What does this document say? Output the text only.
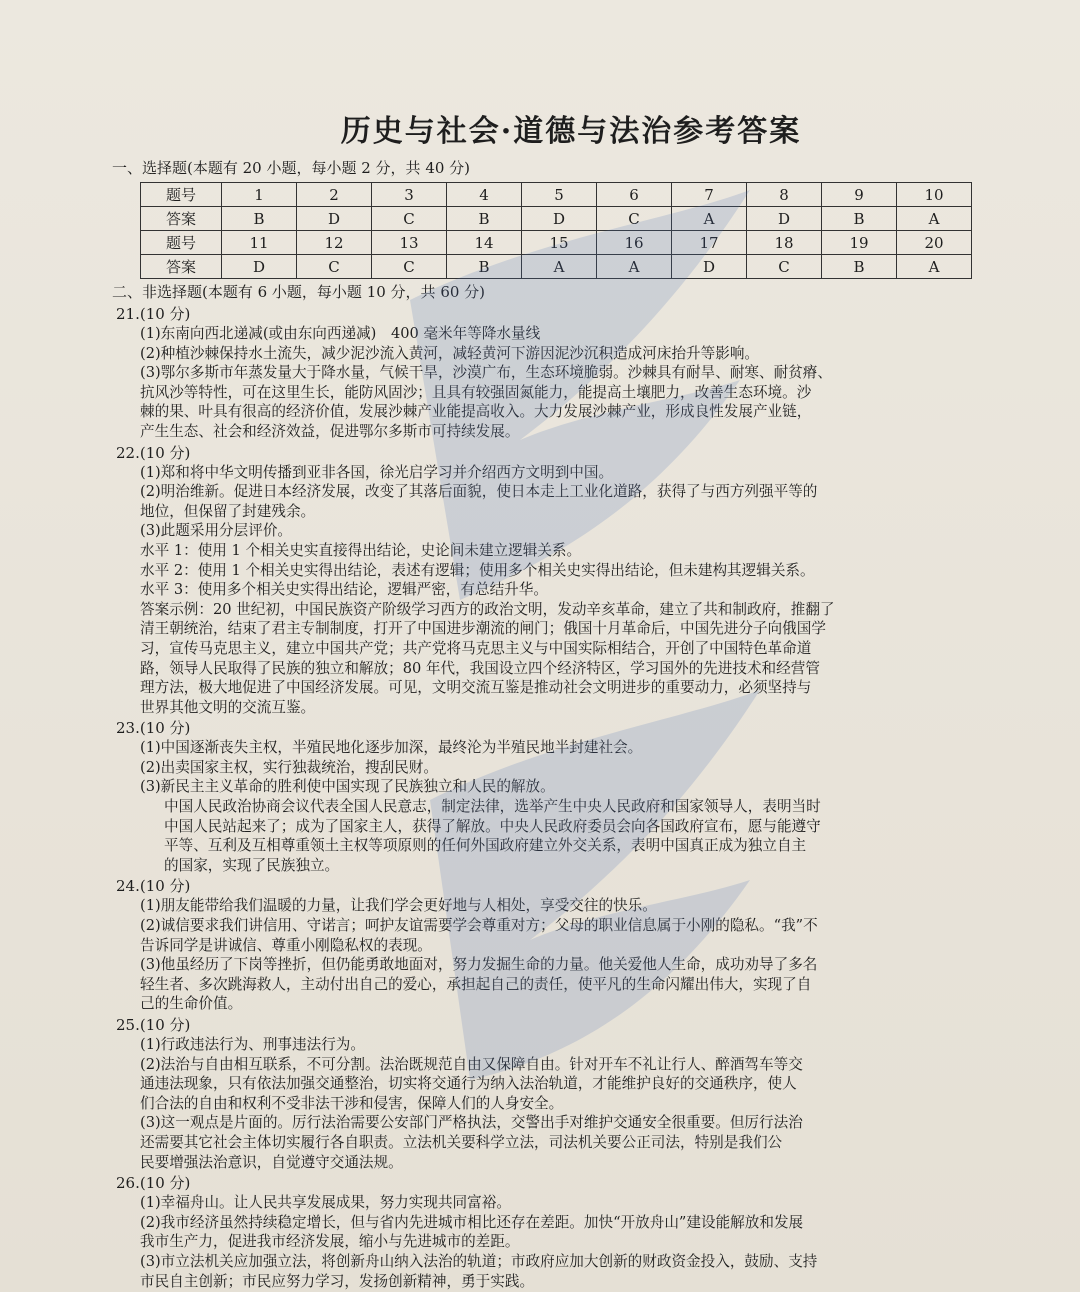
历史与社会·道德与法治参考答案
一、选择题(本题有 20 小题，每小题 2 分，共 40 分)
题号	1	2	3	4	5	6	7	8	9	10
答案	B	D	C	B	D	C	A	D	B	A
题号	11	12	13	14	15	16	17	18	19	20
答案	D	C	C	B	A	A	D	C	B	A
二、非选择题(本题有 6 小题，每小题 10 分，共 60 分)
21.(10 分)
(1)东南向西北递减(或由东向西递减)　400 毫米年等降水量线
(2)种植沙棘保持水土流失，减少泥沙流入黄河，减轻黄河下游因泥沙沉积造成河床抬升等影响。
(3)鄂尔多斯市年蒸发量大于降水量，气候干旱，沙漠广布，生态环境脆弱。沙棘具有耐旱、耐寒、耐贫瘠、
抗风沙等特性，可在这里生长，能防风固沙；且具有较强固氮能力，能提高土壤肥力，改善生态环境。沙
棘的果、叶具有很高的经济价值，发展沙棘产业能提高收入。大力发展沙棘产业，形成良性发展产业链，
产生生态、社会和经济效益，促进鄂尔多斯市可持续发展。
22.(10 分)
(1)郑和将中华文明传播到亚非各国，徐光启学习并介绍西方文明到中国。
(2)明治维新。促进日本经济发展，改变了其落后面貌，使日本走上工业化道路，获得了与西方列强平等的
地位，但保留了封建残余。
(3)此题采用分层评价。
水平 1：使用 1 个相关史实直接得出结论，史论间未建立逻辑关系。
水平 2：使用 1 个相关史实得出结论，表述有逻辑；使用多个相关史实得出结论，但未建构其逻辑关系。
水平 3：使用多个相关史实得出结论，逻辑严密，有总结升华。
答案示例：20 世纪初，中国民族资产阶级学习西方的政治文明，发动辛亥革命，建立了共和制政府，推翻了
清王朝统治，结束了君主专制制度，打开了中国进步潮流的闸门；俄国十月革命后，中国先进分子向俄国学
习，宣传马克思主义，建立中国共产党；共产党将马克思主义与中国实际相结合，开创了中国特色革命道
路，领导人民取得了民族的独立和解放；80 年代，我国设立四个经济特区，学习国外的先进技术和经营管
理方法，极大地促进了中国经济发展。可见，文明交流互鉴是推动社会文明进步的重要动力，必须坚持与
世界其他文明的交流互鉴。
23.(10 分)
(1)中国逐渐丧失主权，半殖民地化逐步加深，最终沦为半殖民地半封建社会。
(2)出卖国家主权，实行独裁统治，搜刮民财。
(3)新民主主义革命的胜利使中国实现了民族独立和人民的解放。
中国人民政治协商会议代表全国人民意志，制定法律，选举产生中央人民政府和国家领导人，表明当时
中国人民站起来了；成为了国家主人，获得了解放。中央人民政府委员会向各国政府宣布，愿与能遵守
平等、互利及互相尊重领土主权等项原则的任何外国政府建立外交关系，表明中国真正成为独立自主
的国家，实现了民族独立。
24.(10 分)
(1)朋友能带给我们温暖的力量，让我们学会更好地与人相处，享受交往的快乐。
(2)诚信要求我们讲信用、守诺言；呵护友谊需要学会尊重对方；父母的职业信息属于小刚的隐私。“我”不
告诉同学是讲诚信、尊重小刚隐私权的表现。
(3)他虽经历了下岗等挫折，但仍能勇敢地面对，努力发掘生命的力量。他关爱他人生命，成功劝导了多名
轻生者、多次跳海救人，主动付出自己的爱心，承担起自己的责任，使平凡的生命闪耀出伟大，实现了自
己的生命价值。
25.(10 分)
(1)行政违法行为、刑事违法行为。
(2)法治与自由相互联系，不可分割。法治既规范自由又保障自由。针对开车不礼让行人、醉酒驾车等交
通违法现象，只有依法加强交通整治，切实将交通行为纳入法治轨道，才能维护良好的交通秩序，使人
们合法的自由和权利不受非法干涉和侵害，保障人们的人身安全。
(3)这一观点是片面的。厉行法治需要公安部门严格执法，交警出手对维护交通安全很重要。但厉行法治
还需要其它社会主体切实履行各自职责。立法机关要科学立法，司法机关要公正司法，特别是我们公
民要增强法治意识，自觉遵守交通法规。
26.(10 分)
(1)幸福舟山。让人民共享发展成果，努力实现共同富裕。
(2)我市经济虽然持续稳定增长，但与省内先进城市相比还存在差距。加快“开放舟山”建设能解放和发展
我市生产力，促进我市经济发展，缩小与先进城市的差距。
(3)市立法机关应加强立法，将创新舟山纳入法治的轨道；市政府应加大创新的财政资金投入，鼓励、支持
市民自主创新；市民应努力学习，发扬创新精神，勇于实践。
